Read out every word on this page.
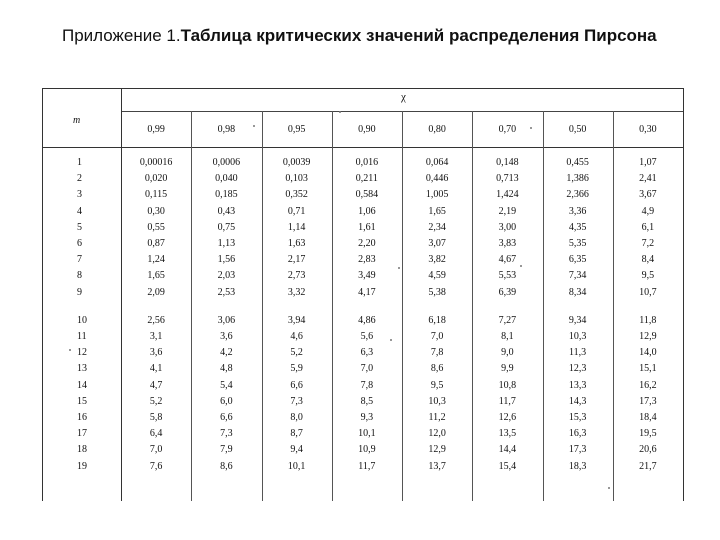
Приложение 1.Таблица критических значений распределения Пирсона
χ
m
0,99	0,98	0,95	0,90	0,80	0,70	0,50	0,30
1	0,00016	0,0006	0,0039	0,016	0,064	0,148	0,455	1,07
2	0,020	0,040	0,103	0,211	0,446	0,713	1,386	2,41
3	0,115	0,185	0,352	0,584	1,005	1,424	2,366	3,67
4	0,30	0,43	0,71	1,06	1,65	2,19	3,36	4,9
5	0,55	0,75	1,14	1,61	2,34	3,00	4,35	6,1
6	0,87	1,13	1,63	2,20	3,07	3,83	5,35	7,2
7	1,24	1,56	2,17	2,83	3,82	4,67	6,35	8,4
8	1,65	2,03	2,73	3,49	4,59	5,53	7,34	9,5
9	2,09	2,53	3,32	4,17	5,38	6,39	8,34	10,7
10	2,56	3,06	3,94	4,86	6,18	7,27	9,34	11,8
11	3,1	3,6	4,6	5,6	7,0	8,1	10,3	12,9
12	3,6	4,2	5,2	6,3	7,8	9,0	11,3	14,0
13	4,1	4,8	5,9	7,0	8,6	9,9	12,3	15,1
14	4,7	5,4	6,6	7,8	9,5	10,8	13,3	16,2
15	5,2	6,0	7,3	8,5	10,3	11,7	14,3	17,3
16	5,8	6,6	8,0	9,3	11,2	12,6	15,3	18,4
17	6,4	7,3	8,7	10,1	12,0	13,5	16,3	19,5
18	7,0	7,9	9,4	10,9	12,9	14,4	17,3	20,6
19	7,6	8,6	10,1	11,7	13,7	15,4	18,3	21,7
